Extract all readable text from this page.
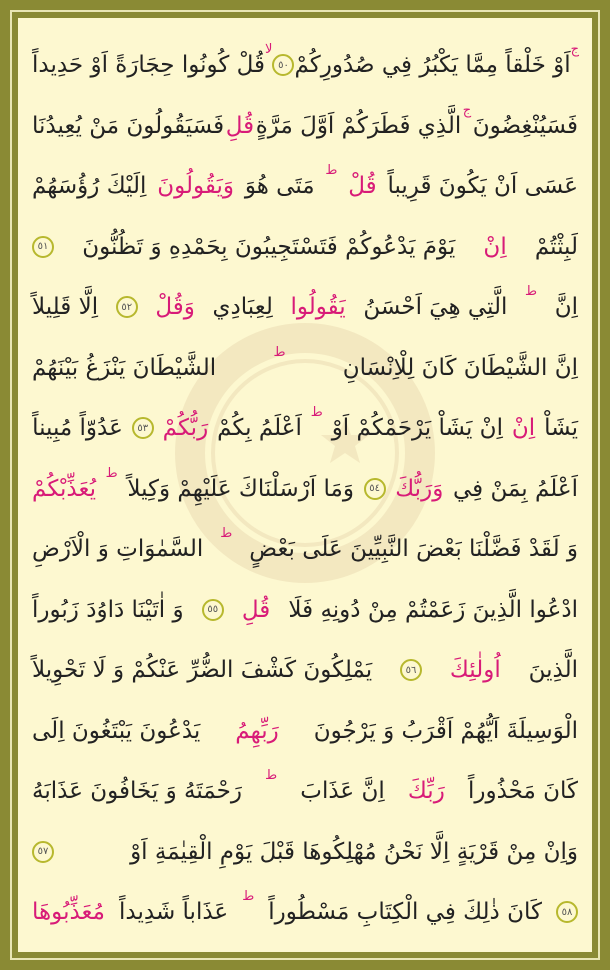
قُلْ كُونُوا حِجَارَةً اَوْ حَدِيداً
لا
٥٠ اَوْ خَلْقاً مِمَّا يَكْبُرُ فِي صُدُورِكُمْ
ج
فَسَيَقُولُونَ مَنْ يُعِيدُنَا قُلِ الَّذِي فَطَرَكُمْ اَوَّلَ مَرَّةٍ
ج
فَسَيُنْغِضُونَ
اِلَيْكَ رُؤُسَهُمْ وَيَقُولُونَ مَتَى هُوَ
ط
قُلْ عَسَى اَنْ يَكُونَ قَرِيباً
٥١ يَوْمَ يَدْعُوكُمْ فَتَسْتَجِيبُونَ بِحَمْدِهِ وَ تَظُنُّونَ اِنْ لَبِثْتُمْ
اِلَّا قَلِيلاً	٥٢ وَقُلْ لِعِبَادِي يَقُولُوا الَّتِي هِيَ اَحْسَنُ
ط
اِنَّ
الشَّيْطَانَ يَنْزَغُ بَيْنَهُمْ
ط
اِنَّ الشَّيْطَانَ كَانَ لِلْاِنْسَانِ
عَدُوّاً مُبِيناً	٥٣ رَبُّكُمْ اَعْلَمُ بِكُمْ
ط
اِنْ يَشَاْ يَرْحَمْكُمْ اَوْ اِنْ يَشَاْ
يُعَذِّبْكُمْ
ط
وَمَا اَرْسَلْنَاكَ عَلَيْهِمْ وَكِيلاً	٥٤ وَرَبُّكَ اَعْلَمُ بِمَنْ فِي
السَّمٰوَاتِ وَ الْاَرْضِ
ط
وَ لَقَدْ فَضَّلْنَا بَعْضَ النَّبِيِّينَ عَلَى بَعْضٍ
وَ اٰتَيْنَا دَاوُدَ زَبُوراً	٥٥ قُلِ ادْعُوا الَّذِينَ زَعَمْتُمْ مِنْ دُونِهِ فَلَا
يَمْلِكُونَ كَشْفَ الضُّرِّ عَنْكُمْ وَ لَا تَحْوِيلاً	٥٦ اُولٰئِكَ الَّذِينَ
يَدْعُونَ يَبْتَغُونَ اِلَى رَبِّهِمُ الْوَسِيلَةَ اَيُّهُمْ اَقْرَبُ وَ يَرْجُونَ
رَحْمَتَهُ وَ يَخَافُونَ عَذَابَهُ
ط
اِنَّ عَذَابَ رَبِّكَ كَانَ مَحْذُوراً
٥٧	وَاِنْ مِنْ قَرْيَةٍ اِلَّا نَحْنُ مُهْلِكُوهَا قَبْلَ يَوْمِ الْقِيٰمَةِ اَوْ
مُعَذِّبُوهَا عَذَاباً شَدِيداً
ط
كَانَ ذٰلِكَ فِي الْكِتَابِ مَسْطُوراً	٥٨
